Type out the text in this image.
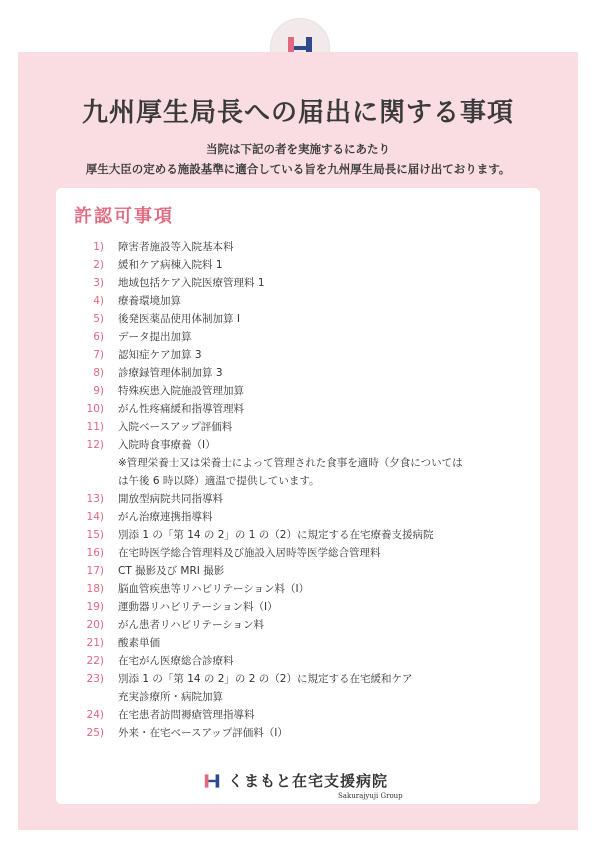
九州厚生局長への届出に関する事項
当院は下記の者を実施するにあたり
厚生大臣の定める施設基準に適合している旨を九州厚生局長に届け出ております。
許認可事項
1)	障害者施設等入院基本料
2)	緩和ケア病棟入院料 1
3)	地域包括ケア入院医療管理料 1
4)	療養環境加算
5)	後発医薬品使用体制加算 I
6)	データ提出加算
7)	認知症ケア加算 3
8)	診療録管理体制加算 3
9)	特殊疾患入院施設管理加算
10)	がん性疼痛緩和指導管理料
11)	入院ベースアップ評価料
12)	入院時食事療養（Ⅰ）
※管理栄養士又は栄養士によって管理された食事を適時（夕食については
は午後 6 時以降）適温で提供しています。
13)	開放型病院共同指導料
14)	がん治療連携指導料
15)	別添 1 の「第 14 の 2」の 1 の（2）に規定する在宅療養支援病院
16)	在宅時医学総合管理料及び施設入居時等医学総合管理料
17)	CT 撮影及び MRI 撮影
18)	脳血管疾患等リハビリテーション料（Ⅰ）
19)	運動器リハビリテーション料（Ⅰ）
20)	がん患者リハビリテーション料
21)	酸素単価
22)	在宅がん医療総合診療料
23)	別添 1 の「第 14 の 2」の 2 の（2）に規定する在宅緩和ケア
充実診療所・病院加算
24)	在宅患者訪問褥瘡管理指導料
25)	外来・在宅ベースアップ評価料（Ⅰ）
くまもと在宅支援病院
Sakurajyuji Group
